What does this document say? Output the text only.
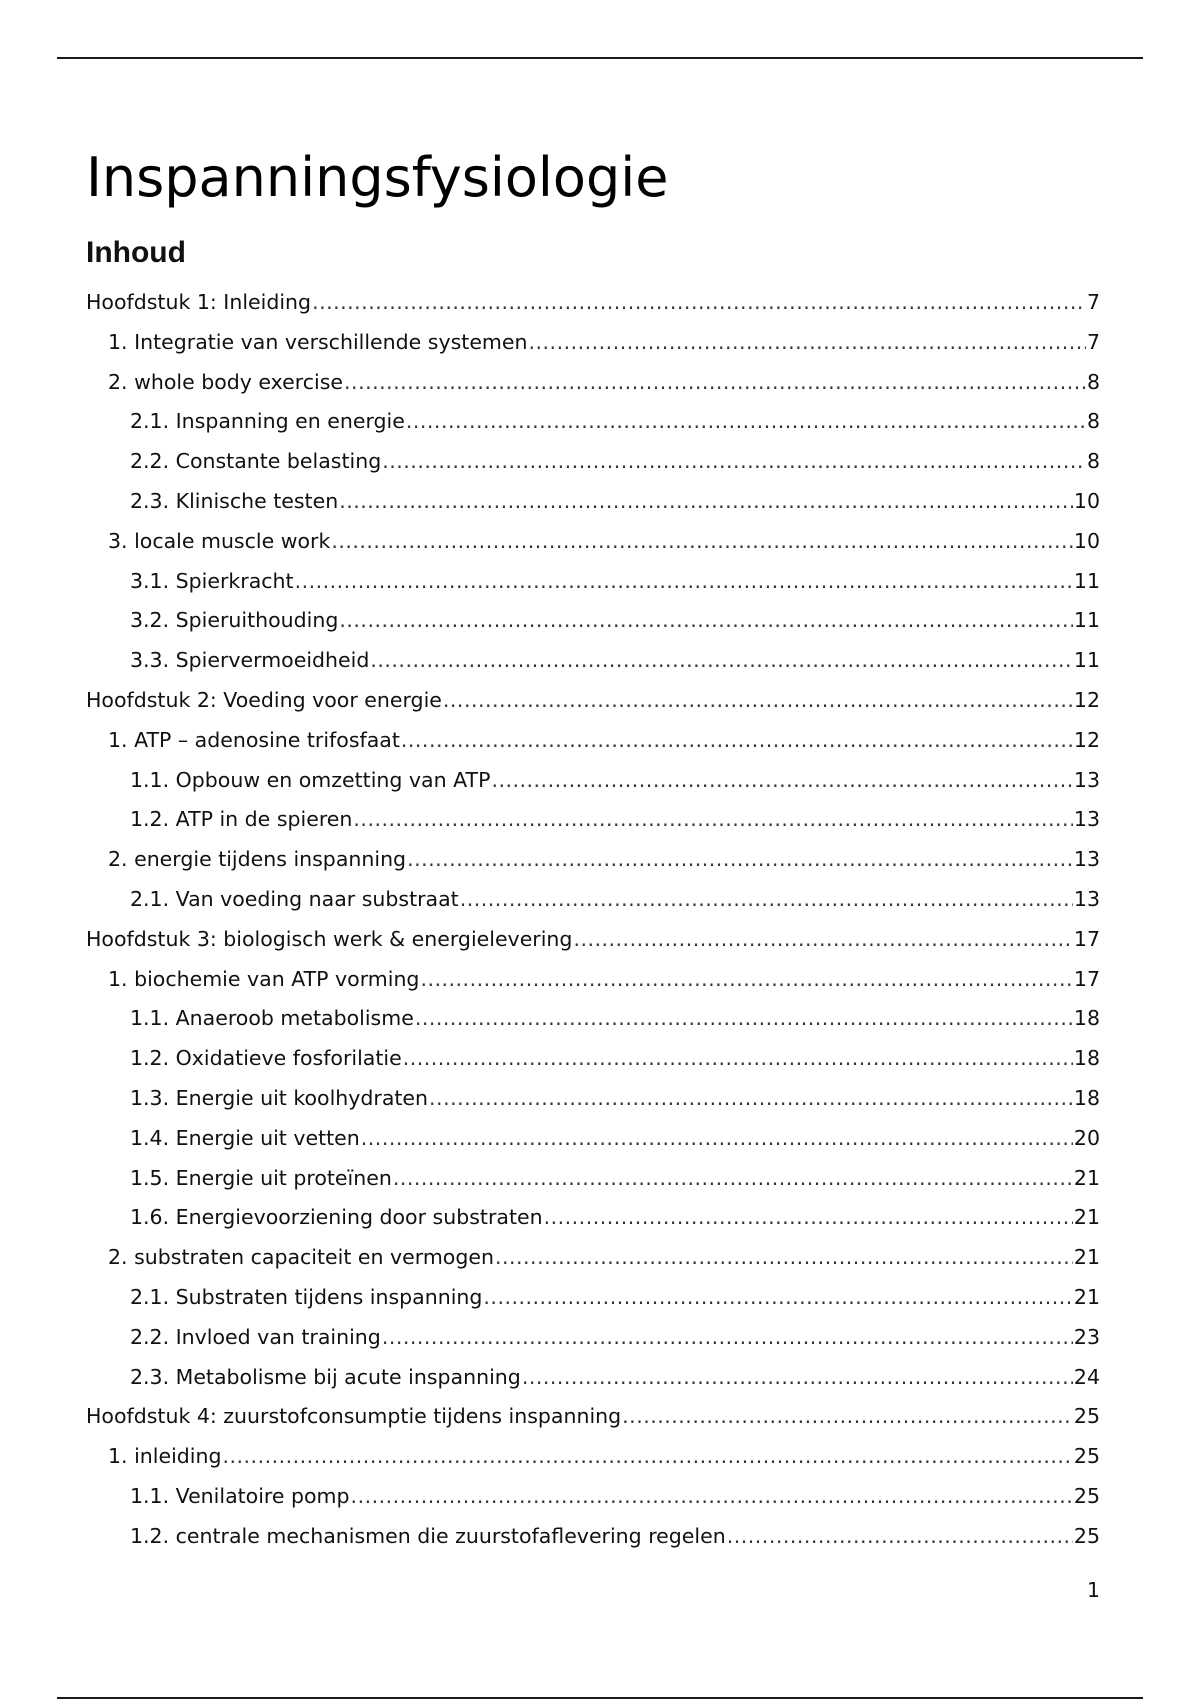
Inspanningsfysiologie
Inhoud
Hoofdstuk 1: Inleiding .....	7
1. Integratie van verschillende systemen .....	7
2. whole body exercise .....	8
2.1. Inspanning en energie .....	8
2.2. Constante belasting .....	8
2.3. Klinische testen .....	10
3. locale muscle work .....	10
3.1. Spierkracht .....	11
3.2. Spieruithouding .....	11
3.3. Spiervermoeidheid .....	11
Hoofdstuk 2: Voeding voor energie .....	12
1. ATP – adenosine trifosfaat .....	12
1.1. Opbouw en omzetting van ATP .....	13
1.2. ATP in de spieren .....	13
2. energie tijdens inspanning .....	13
2.1. Van voeding naar substraat .....	13
Hoofdstuk 3: biologisch werk & energielevering .....	17
1. biochemie van ATP vorming .....	17
1.1. Anaeroob metabolisme .....	18
1.2. Oxidatieve fosforilatie .....	18
1.3. Energie uit koolhydraten .....	18
1.4. Energie uit vetten .....	20
1.5. Energie uit proteïnen .....	21
1.6. Energievoorziening door substraten .....	21
2. substraten capaciteit en vermogen .....	21
2.1. Substraten tijdens inspanning .....	21
2.2. Invloed van training .....	23
2.3. Metabolisme bij acute inspanning .....	24
Hoofdstuk 4: zuurstofconsumptie tijdens inspanning .....	25
1. inleiding .....	25
1.1. Venilatoire pomp .....	25
1.2. centrale mechanismen die zuurstofaflevering regelen .....	25
1
